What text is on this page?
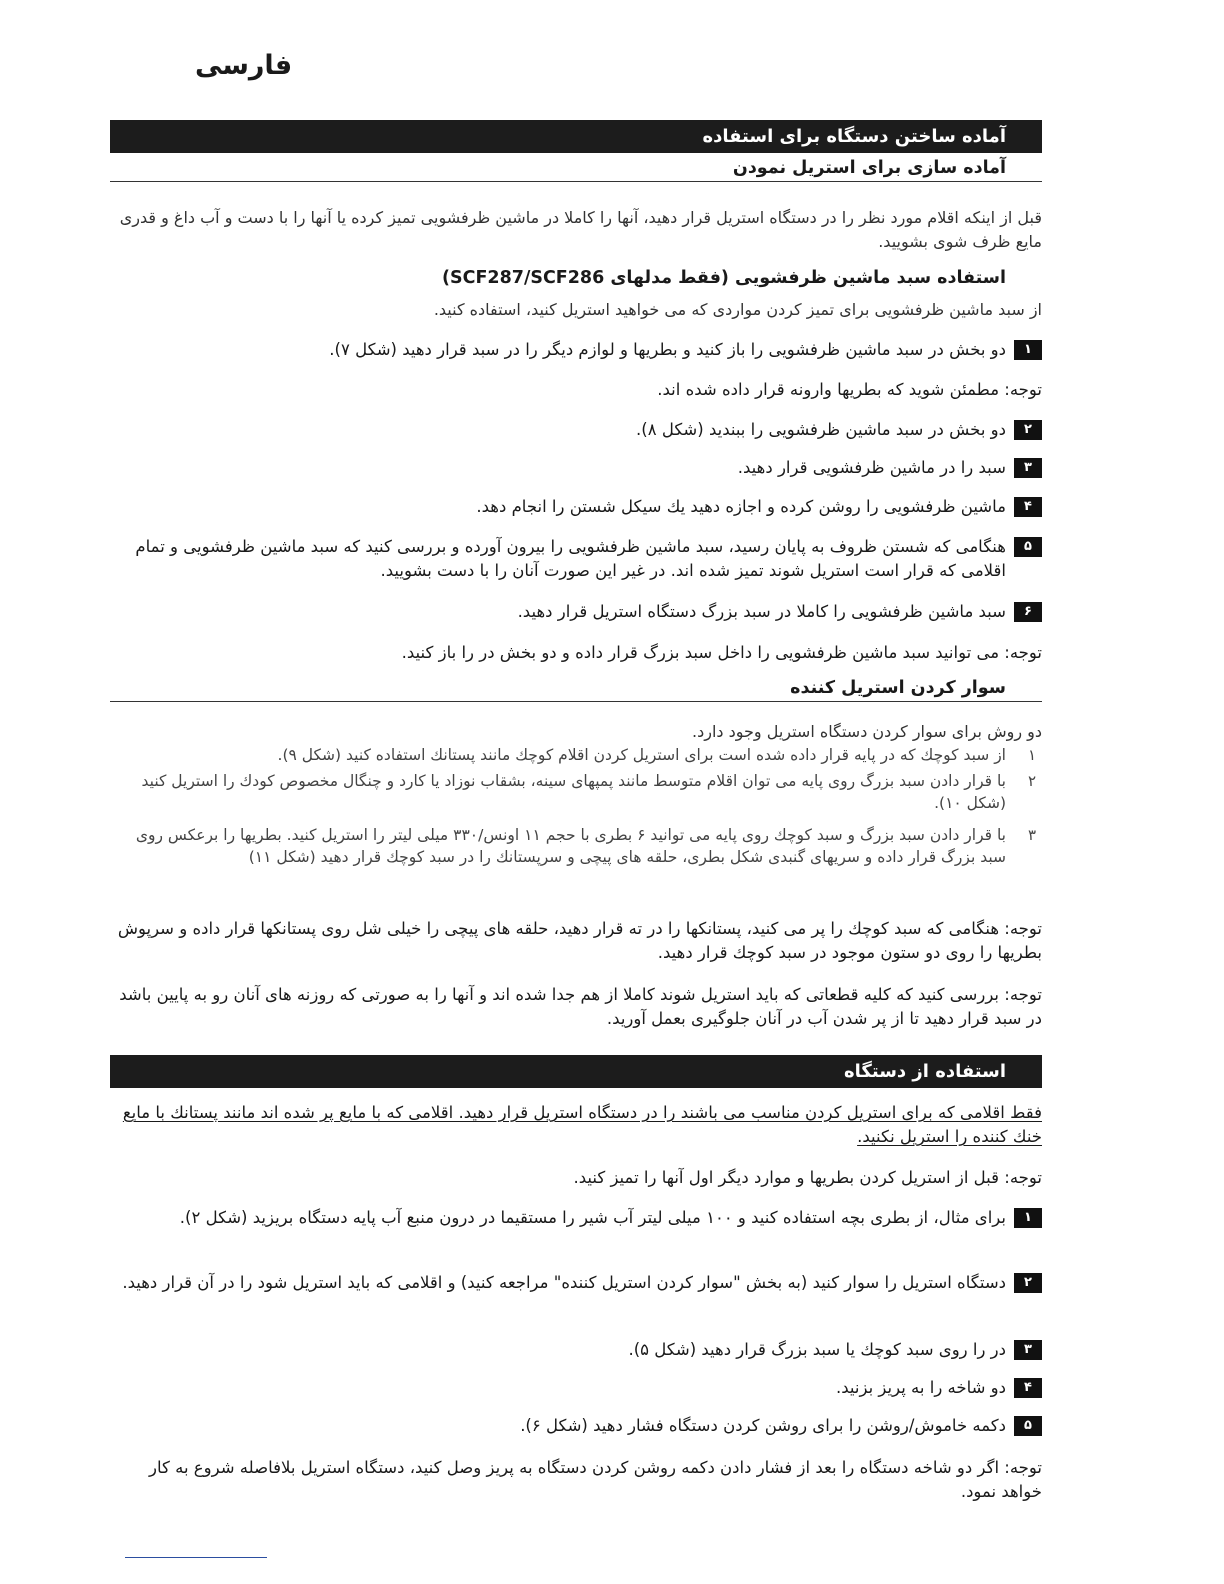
فارسی
آماده ساختن دستگاه برای استفاده
آماده سازی برای استریل نمودن
قبل از اینکه اقلام مورد نظر را در دستگاه استریل قرار دهید، آنها را کاملا در ماشین ظرفشویی تمیز کرده یا آنها را با دست و آب داغ و قدری مایع ظرف شوی بشویید.
استفاده سبد ماشین ظرفشویی (فقط مدلهای SCF287/SCF286)
از سبد ماشین ظرفشویی برای تمیز کردن مواردی که می خواهید استریل کنید، استفاده کنید.
۱
دو بخش در سبد ماشین ظرفشویی را باز کنید و بطریها و لوازم دیگر را در سبد قرار دهید (شکل ۷).
توجه: مطمئن شوید که بطریها وارونه قرار داده شده اند.
۲
دو بخش در سبد ماشین ظرفشویی را ببندید (شکل ۸).
۳
سبد را در ماشین ظرفشویی قرار دهید.
۴
ماشین ظرفشویی را روشن کرده و اجازه دهید یك سیكل شستن را انجام دهد.
۵
هنگامی که شستن ظروف به پایان رسید، سبد ماشین ظرفشویی را بیرون آورده و بررسی کنید که سبد ماشین ظرفشویی و تمام اقلامی که قرار است استریل شوند تمیز شده اند. در غیر این صورت آنان را با دست بشویید.
۶
سبد ماشین ظرفشویی را کاملا در سبد بزرگ دستگاه استریل قرار دهید.
توجه: می توانید سبد ماشین ظرفشویی را داخل سبد بزرگ قرار داده و دو بخش در را باز کنید.
سوار کردن استریل کننده
دو روش برای سوار کردن دستگاه استریل وجود دارد.
۱
از سبد کوچك که در پایه قرار داده شده است برای استریل کردن اقلام کوچك مانند پستانك استفاده کنید (شکل ۹).
۲
با قرار دادن سبد بزرگ روی پایه می توان اقلام متوسط مانند پمپهای سینه، بشقاب نوزاد یا کارد و چنگال مخصوص کودك را استریل کنید (شکل ۱۰).
۳
با قرار دادن سبد بزرگ و سبد کوچك روی پایه می توانید ۶ بطری با حجم ۱۱ اونس/۳۳۰ میلی لیتر را استریل کنید. بطریها را برعکس روی سبد بزرگ قرار داده و سریهای گنبدی شکل بطری، حلقه های پیچی و سرپستانك را در سبد کوچك قرار دهید (شکل ۱۱)
توجه: هنگامی که سبد کوچك را پر می کنید، پستانکها را در ته قرار دهید، حلقه های پیچی را خیلی شل روی پستانکها قرار داده و سرپوش بطریها را روی دو ستون موجود در سبد کوچك قرار دهید.
توجه: بررسی کنید که کلیه قطعاتی که باید استریل شوند کاملا از هم جدا شده اند و آنها را به صورتی که روزنه های آنان رو به پایین باشد در سبد قرار دهید تا از پر شدن آب در آنان جلوگیری بعمل آورید.
استفاده از دستگاه
فقط اقلامی که برای استریل کردن مناسب می باشند را در دستگاه استریل قرار دهید. اقلامی که با مایع پر شده اند مانند پستانك با مایع خنك کننده را استریل نکنید.
توجه: قبل از استریل کردن بطریها و موارد دیگر اول آنها را تمیز کنید.
۱
برای مثال، از بطری بچه استفاده کنید و ۱۰۰ میلی لیتر آب شیر را مستقیما در درون منبع آب پایه دستگاه بریزید (شکل ۲).
۲
دستگاه استریل را سوار کنید (به بخش "سوار کردن استریل کننده" مراجعه کنید) و اقلامی که باید استریل شود را در آن قرار دهید.
۳
در را روی سبد کوچك یا سبد بزرگ قرار دهید (شکل ۵).
۴
دو شاخه را به پریز بزنید.
۵
دکمه خاموش/روشن را برای روشن کردن دستگاه فشار دهید (شکل ۶).
توجه: اگر دو شاخه دستگاه را بعد از فشار دادن دکمه روشن کردن دستگاه به پریز وصل کنید، دستگاه استریل بلافاصله شروع به کار خواهد نمود.
